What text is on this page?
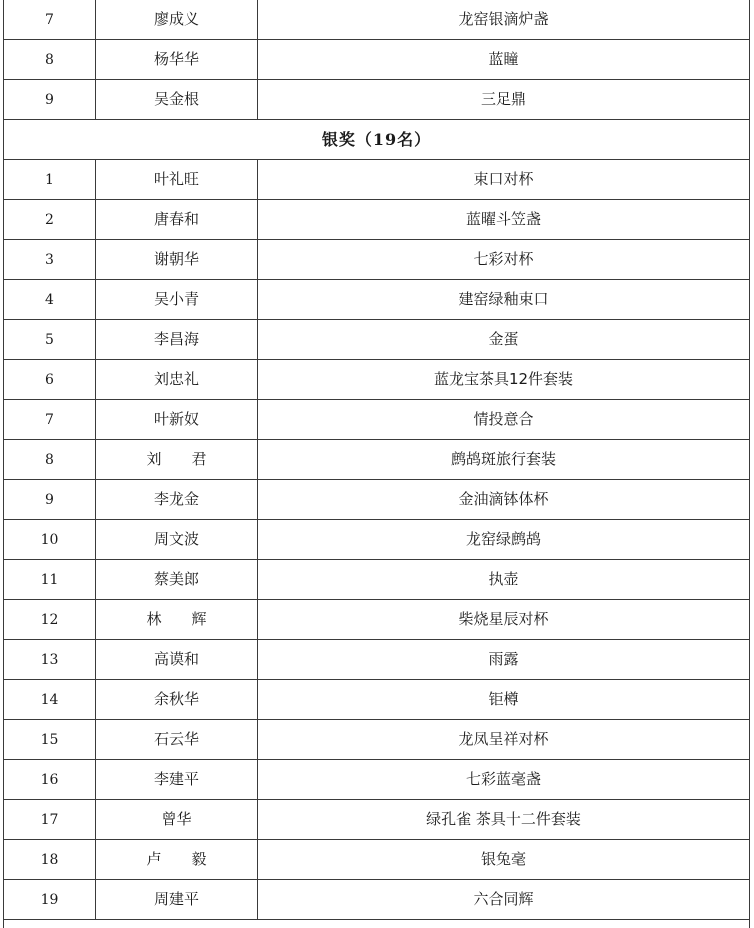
7	廖成义	龙窑银滴炉盏
8	杨华华	蓝瞳
9	吴金根	三足鼎
银奖（19名）		
1	叶礼旺	束口对杯
2	唐春和	蓝曜斗笠盏
3	谢朝华	七彩对杯
4	吴小青	建窑绿釉束口
5	李昌海	金蛋
6	刘忠礼	蓝龙宝茶具12件套装
7	叶新奴	情投意合
8	刘　　君	鹧鸪斑旅行套装
9	李龙金	金油滴钵体杯
10	周文波	龙窑绿鹧鸪
11	蔡美郎	执壶
12	林　　辉	柴烧星辰对杯
13	高谟和	雨露
14	余秋华	钜樽
15	石云华	龙凤呈祥对杯
16	李建平	七彩蓝毫盏
17	曾华	绿孔雀 茶具十二件套装
18	卢　　毅	银兔毫
19	周建平	六合同辉
